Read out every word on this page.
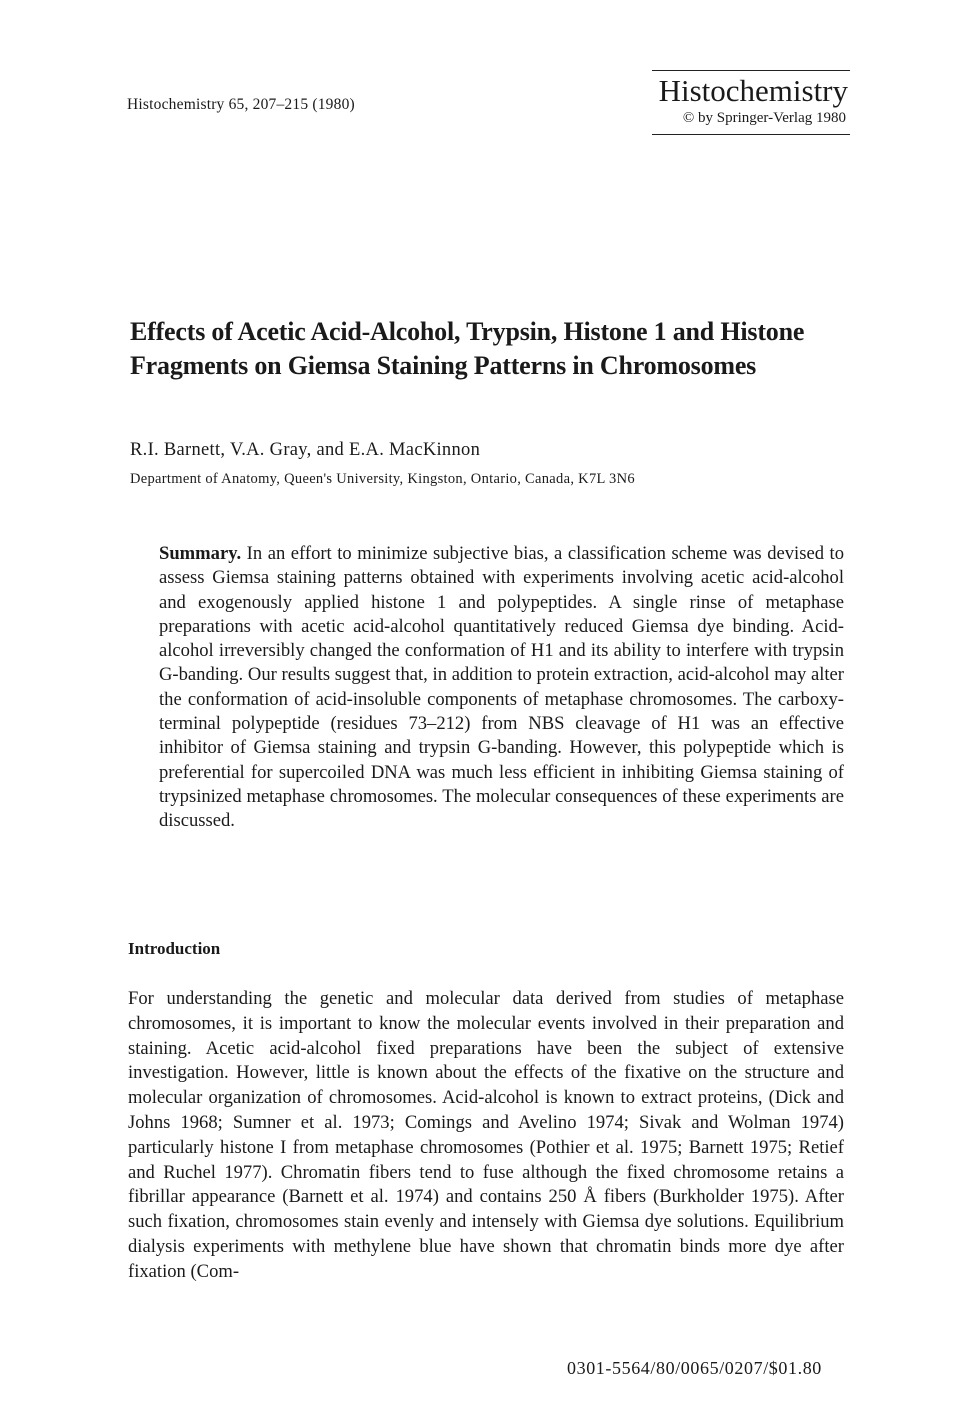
Histochemistry 65, 207–215 (1980)	Histochemistry
© by Springer-Verlag 1980
Effects of Acetic Acid-Alcohol, Trypsin, Histone 1 and Histone Fragments on Giemsa Staining Patterns in Chromosomes
R.I. Barnett, V.A. Gray, and E.A. MacKinnon
Department of Anatomy, Queen's University, Kingston, Ontario, Canada, K7L 3N6

Summary. In an effort to minimize subjective bias, a classification scheme was devised to assess Giemsa staining patterns obtained with experiments involving acetic acid-alcohol and exogenously applied histone 1 and polypeptides. A single rinse of metaphase preparations with acetic acid-alcohol quantitatively reduced Giemsa dye binding. Acid-alcohol irreversibly changed the conformation of H1 and its ability to interfere with trypsin G-banding. Our results suggest that, in addition to protein extraction, acid-alcohol may alter the conformation of acid-insoluble components of metaphase chromosomes. The carboxy-terminal polypeptide (residues 73–212) from NBS cleavage of H1 was an effective inhibitor of Giemsa staining and trypsin G-banding. However, this polypeptide which is preferential for supercoiled DNA was much less efficient in inhibiting Giemsa staining of trypsinized metaphase chromosomes. The molecular consequences of these experiments are discussed.

Introduction

For understanding the genetic and molecular data derived from studies of metaphase chromosomes, it is important to know the molecular events involved in their preparation and staining. Acetic acid-alcohol fixed preparations have been the subject of extensive investigation. However, little is known about the effects of the fixative on the structure and molecular organization of chromosomes. Acid-alcohol is known to extract proteins, (Dick and Johns 1968; Sumner et al. 1973; Comings and Avelino 1974; Sivak and Wolman 1974) particularly histone I from metaphase chromosomes (Pothier et al. 1975; Barnett 1975; Retief and Ruchel 1977). Chromatin fibers tend to fuse although the fixed chromosome retains a fibrillar appearance (Barnett et al. 1974) and contains 250 Å fibers (Burkholder 1975). After such fixation, chromosomes stain evenly and intensely with Giemsa dye solutions. Equilibrium dialysis experiments with methylene blue have shown that chromatin binds more dye after fixation (Com-

0301-5564/80/0065/0207/$01.80
